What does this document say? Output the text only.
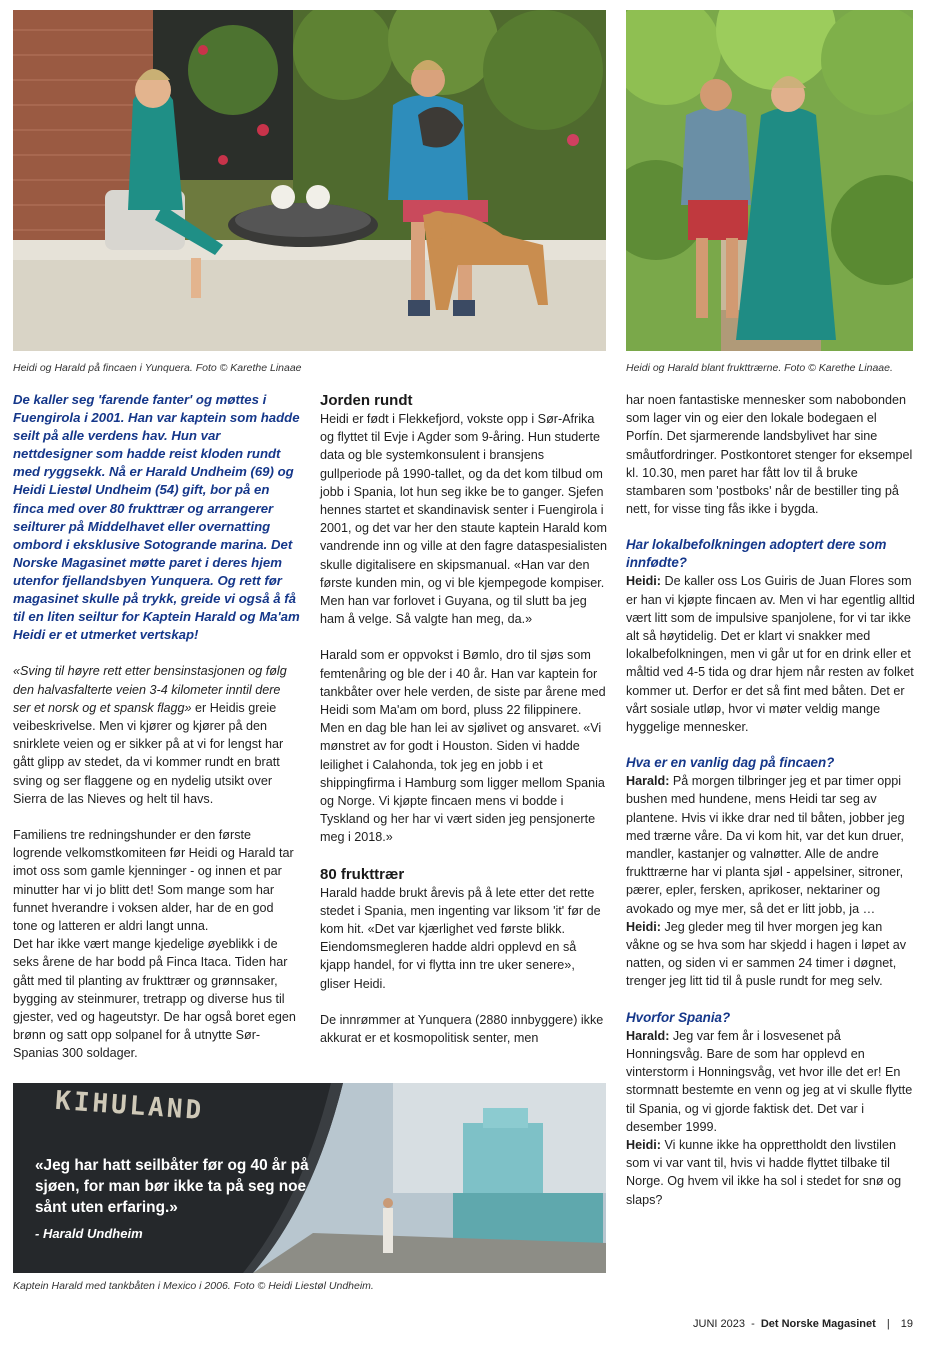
Heidi og Harald på fincaen i Yunquera. Foto © Karethe Linaae	Heidi og Harald blant frukttrærne. Foto © Karethe Linaae.

De kaller seg 'farende fanter' og møttes i Fuengirola i 2001. Han var kaptein som hadde seilt på alle verdens hav. Hun var nettdesigner som hadde reist kloden rundt med ryggsekk. Nå er Harald Undheim (69) og Heidi Liestøl Undheim (54) gift, bor på en finca med over 80 frukttrær og arrangerer seilturer på Middelhavet eller overnatting ombord i eksklusive Sotogrande marina. Det Norske Magasinet møtte paret i deres hjem utenfor fjellandsbyen Yunquera. Og rett før magasinet skulle på trykk, greide vi også å få til en liten seiltur for Kaptein Harald og Ma'am Heidi er et utmerket vertskap!

«Sving til høyre rett etter bensinstasjonen og følg den halvasfalterte veien 3-4 kilometer inntil dere ser et norsk og et spansk flagg» er Heidis greie veibeskrivelse. Men vi kjører og kjører på den snirklete veien og er sikker på at vi for lengst har gått glipp av stedet, da vi kommer rundt en bratt sving og ser flaggene og en nydelig utsikt over Sierra de las Nieves og helt til havs.

Familiens tre redningshunder er den første logrende velkomstkomiteen før Heidi og Harald tar imot oss som gamle kjenninger - og innen et par minutter har vi jo blitt det! Som mange som har funnet hverandre i voksen alder, har de en god tone og latteren er aldri langt unna.

Det har ikke vært mange kjedelige øyeblikk i de seks årene de har bodd på Finca Itaca. Tiden har gått med til planting av frukttrær og grønnsaker, bygging av steinmurer, tretrapp og diverse hus til gjester, ved og hageutstyr. De har også boret egen brønn og satt opp solpanel for å utnytte Sør-Spanias 300 soldager.

Jorden rundt

Heidi er født i Flekkefjord, vokste opp i Sør-Afrika og flyttet til Evje i Agder som 9-åring. Hun studerte data og ble systemkonsulent i bransjens gullperiode på 1990-tallet, og da det kom tilbud om jobb i Spania, lot hun seg ikke be to ganger. Sjefen hennes startet et skandinavisk senter i Fuengirola i 2001, og det var her den staute kaptein Harald kom vandrende inn og ville at den fagre dataspesialisten skulle digitalisere en skipsmanual. «Han var den første kunden min, og vi ble kjempegode kompiser. Men han var forlovet i Guyana, og til slutt ba jeg ham å velge. Så valgte han meg, da.»

Harald som er oppvokst i Bømlo, dro til sjøs som femtenåring og ble der i 40 år. Han var kaptein for tankbåter over hele verden, de siste par årene med Heidi som Ma'am om bord, pluss 22 filippinere. Men en dag ble han lei av sjølivet og ansvaret. «Vi mønstret av for godt i Houston. Siden vi hadde leilighet i Calahonda, tok jeg en jobb i et shippingfirma i Hamburg som ligger mellom Spania og Norge. Vi kjøpte fincaen mens vi bodde i Tyskland og her har vi vært siden jeg pensjonerte meg i 2018.»

80 frukttrær

Harald hadde brukt årevis på å lete etter det rette stedet i Spania, men ingenting var liksom 'it' før de kom hit. «Det var kjærlighet ved første blikk. Eiendomsmegleren hadde aldri opplevd en så kjapp handel, for vi flytta inn tre uker senere», gliser Heidi.

De innrømmer at Yunquera (2880 innbyggere) ikke akkurat er et kosmopolitisk senter, men

har noen fantastiske mennesker som nabobonden som lager vin og eier den lokale bodegaen el Porfín. Det sjarmerende landsbylivet har sine småutfordringer. Postkontoret stenger for eksempel kl. 10.30, men paret har fått lov til å bruke stambaren som 'postboks' når de bestiller ting på nett, for visse ting fås ikke i bygda.

Har lokalbefolkningen adoptert dere som innfødte?

Heidi: De kaller oss Los Guiris de Juan Flores som er han vi kjøpte fincaen av. Men vi har egentlig alltid vært litt som de impulsive spanjolene, for vi tar ikke alt så høytidelig. Det er klart vi snakker med lokalbefolkningen, men vi går ut for en drink eller et måltid ved 4-5 tida og drar hjem når resten av folket kommer ut. Derfor er det så fint med båten. Det er vårt sosiale utløp, hvor vi møter veldig mange hyggelige mennesker.

Hva er en vanlig dag på fincaen?

Harald: På morgen tilbringer jeg et par timer oppi bushen med hundene, mens Heidi tar seg av plantene. Hvis vi ikke drar ned til båten, jobber jeg med trærne våre. Da vi kom hit, var det kun druer, mandler, kastanjer og valnøtter. Alle de andre frukttrærne har vi planta sjøl - appelsiner, sitroner, pærer, epler, fersken, aprikoser, nektariner og avokado og mye mer, så det er litt jobb, ja …

Heidi: Jeg gleder meg til hver morgen jeg kan våkne og se hva som har skjedd i hagen i løpet av natten, og siden vi er sammen 24 timer i døgnet, trenger jeg litt tid til å pusle rundt for meg selv.

Hvorfor Spania?

Harald: Jeg var fem år i losvesenet på Honningsvåg. Bare de som har opplevd en vinterstorm i Honningsvåg, vet hvor ille det er! En stormnatt bestemte en venn og jeg at vi skulle flytte til Spania, og vi gjorde faktisk det. Det var i desember 1999.

Heidi: Vi kunne ikke ha opprettholdt den livstilen som vi var vant til, hvis vi hadde flyttet tilbake til Norge. Og hvem vil ikke ha sol i stedet for snø og slaps?

KIHULAND
«Jeg har hatt seilbåter før og 40 år på sjøen, for man bør ikke ta på seg noe sånt uten erfaring.»
- Harald Undheim
Kaptein Harald med tankbåten i Mexico i 2006. Foto © Heidi Liestøl Undheim.
JUNI 2023 - Det Norske Magasinet | 19
